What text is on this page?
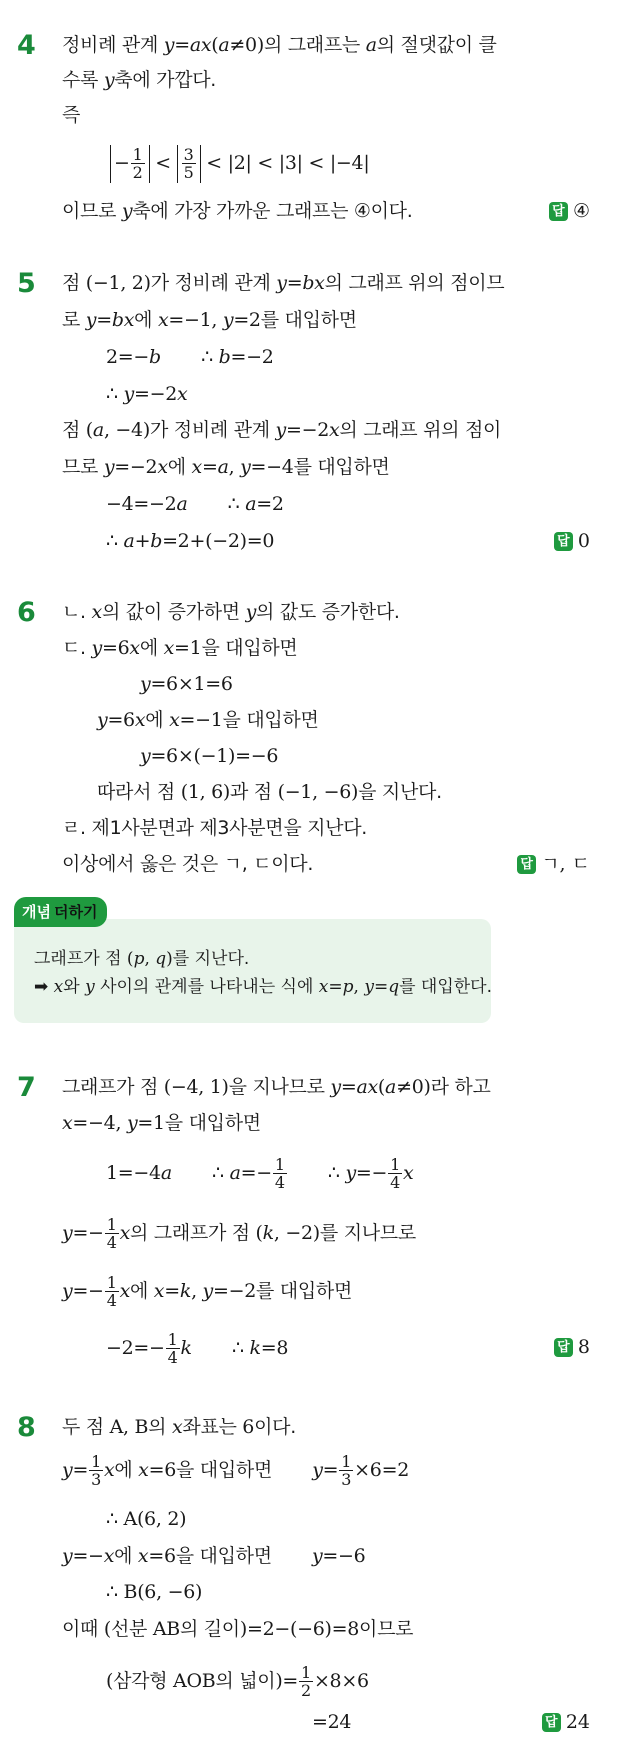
4 정비례 관계 y=ax(a≠0)의 그래프는 a의 절댓값이 클
수록 y축에 가깝다.
즉
− $\frac{1}{2} < \frac{3}{5} < |2| < |3| < |-4|$
이므로 y축에 가장 가까운 그래프는 ④이다.	답 ④
5 점 (−1, 2)가 정비례 관계 y=bx의 그래프 위의 점이므
로 y=bx에 x=−1, y=2를 대입하면
2=−b       ∴ b=−2
∴ y=−2x
점 (a, −4)가 정비례 관계 y=−2x의 그래프 위의 점이
므로 y=−2x에 x=a, y=−4를 대입하면
−4=−2a       ∴ a=2
∴ a+b=2+(−2)=0	답 0
6 ㄴ. x의 값이 증가하면 y의 값도 증가한다.
ㄷ. y=6x에 x=1을 대입하면
y=6×1=6
y=6x에 x=−1을 대입하면
y=6×(−1)=−6
따라서 점 (1, 6)과 점 (−1, −6)을 지난다.
ㄹ. 제1사분면과 제3사분면을 지난다.
이상에서 옳은 것은 ㄱ, ㄷ이다.	답 ㄱ, ㄷ
그래프가 점 (p, q)를 지난다.
➡ x와 y 사이의 관계를 나타내는 식에 x=p, y=q를 대입한다.
개념 더하기
7 그래프가 점 (−4, 1)을 지나므로 y=ax(a≠0)라 하고
x=−4, y=1을 대입하면
1=−4a       ∴ $a=- \frac{1}{4}$ ∴ $y=- \frac{1}{4}$ x
$y=- \frac{1}{4}$ x의 그래프가 점 (k, −2)를 지나므로
$y=- \frac{1}{4}$ x에 x=k, y=−2를 대입하면
$-2=- \frac{1}{4}$ k       ∴ k=8	답 8
8 두 점 A, B의 x좌표는 6이다.
$y= \frac{1}{3}$ x에 x=6을 대입하면 $y= \frac{1}{3} \times 6=2$
∴ A(6, 2)
y=−x에 x=6을 대입하면 y=−6
∴ B(6, −6)
이때 (선분 AB의 길이)=2−(−6)=8이므로
(삼각형 AOB의 넓이)= $\frac{1}{2} \times 8\times 6$
=24	답 24
